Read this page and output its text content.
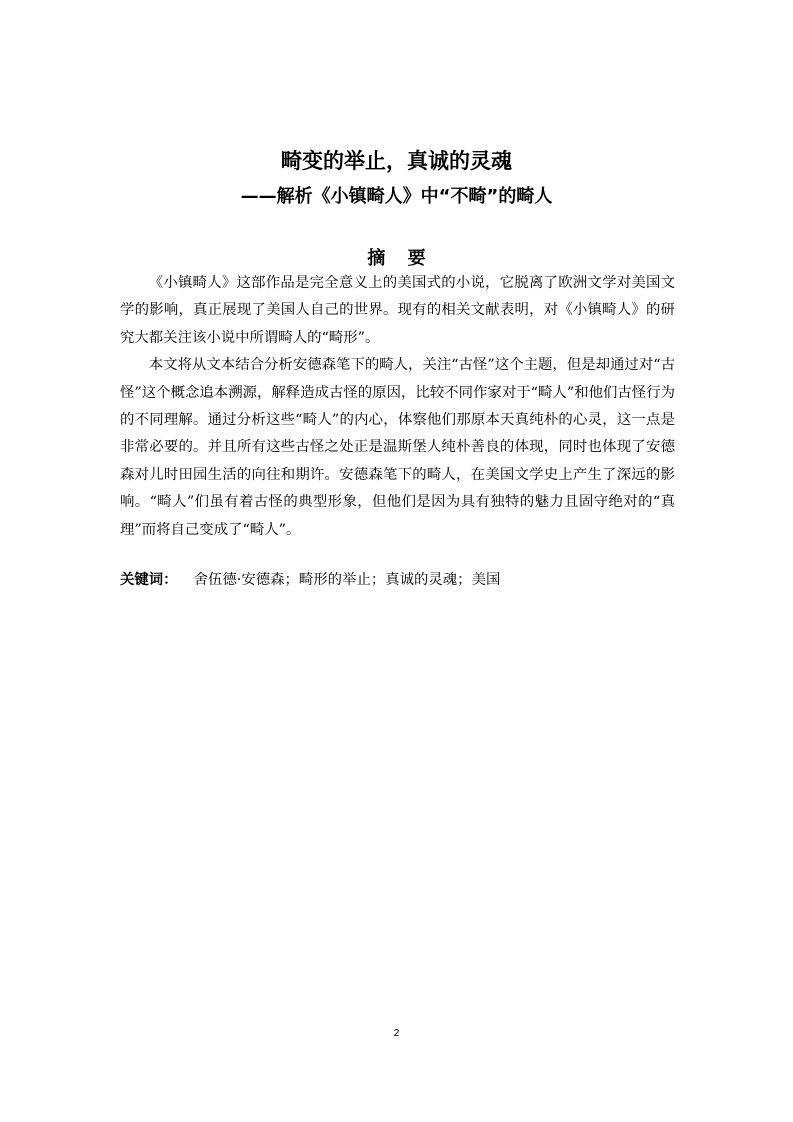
畸变的举止，真诚的灵魂
——解析《小镇畸人》中“不畸”的畸人
摘 要

《小镇畸人》这部作品是完全意义上的美国式的小说，它脱离了欧洲文学对美国文学的影响，真正展现了美国人自己的世界。现有的相关文献表明，对《小镇畸人》的研究大都关注该小说中所谓畸人的“畸形”。

本文将从文本结合分析安德森笔下的畸人，关注“古怪”这个主题，但是却通过对“古怪”这个概念追本溯源，解释造成古怪的原因，比较不同作家对于“畸人”和他们古怪行为的不同理解。通过分析这些“畸人”的内心，体察他们那原本天真纯朴的心灵，这一点是非常必要的。并且所有这些古怪之处正是温斯堡人纯朴善良的体现，同时也体现了安德森对儿时田园生活的向往和期许。安德森笔下的畸人，在美国文学史上产生了深远的影响。“畸人”们虽有着古怪的典型形象，但他们是因为具有独特的魅力且固守绝对的“真理”而将自己变成了“畸人”。

关键词： 舍伍德·安德森；畸形的举止；真诚的灵魂；美国
2
